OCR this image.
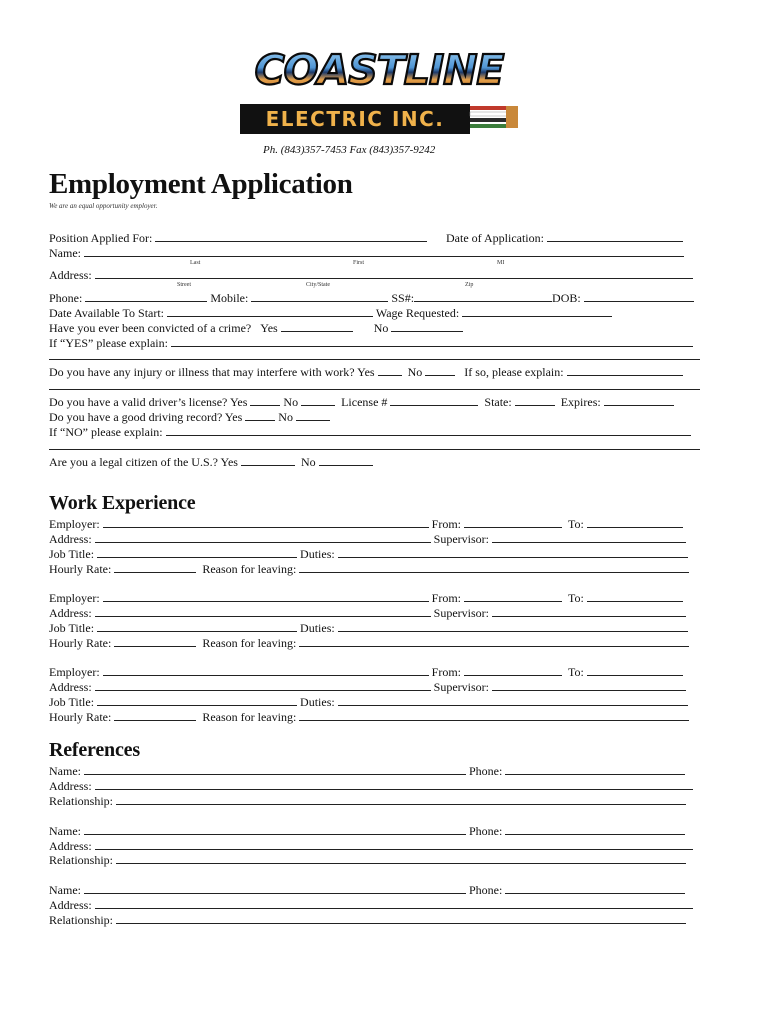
COASTLINE
ELECTRIC INC.
Ph. (843)357-7453 Fax (843)357-9242
Employment Application
We are an equal opportunity employer.
Position Applied For:	Date of Application:
Name:
Last	First	MI
Address:
Street	City/State	Zip
Phone:	Mobile:	SS#:	DOB:
Date Available To Start:	Wage Requested:
Have you ever been convicted of a crime? Yes	No
If “YES” please explain:
Do you have any injury or illness that may interfere with work? Yes	No	If so, please explain:
Do you have a valid driver’s license? Yes	No	License #	State:	Expires:
Do you have a good driving record? Yes	No
If “NO” please explain:
Are you a legal citizen of the U.S.? Yes	No
Work Experience
Employer:	From:	To:
Address:	Supervisor:
Job Title:	Duties:
Hourly Rate:	Reason for leaving:
Employer:	From:	To:
Address:	Supervisor:
Job Title:	Duties:
Hourly Rate:	Reason for leaving:
Employer:	From:	To:
Address:	Supervisor:
Job Title:	Duties:
Hourly Rate:	Reason for leaving:
References
Name:	Phone:
Address:
Relationship:
Name:	Phone:
Address:
Relationship:
Name:	Phone:
Address:
Relationship:
